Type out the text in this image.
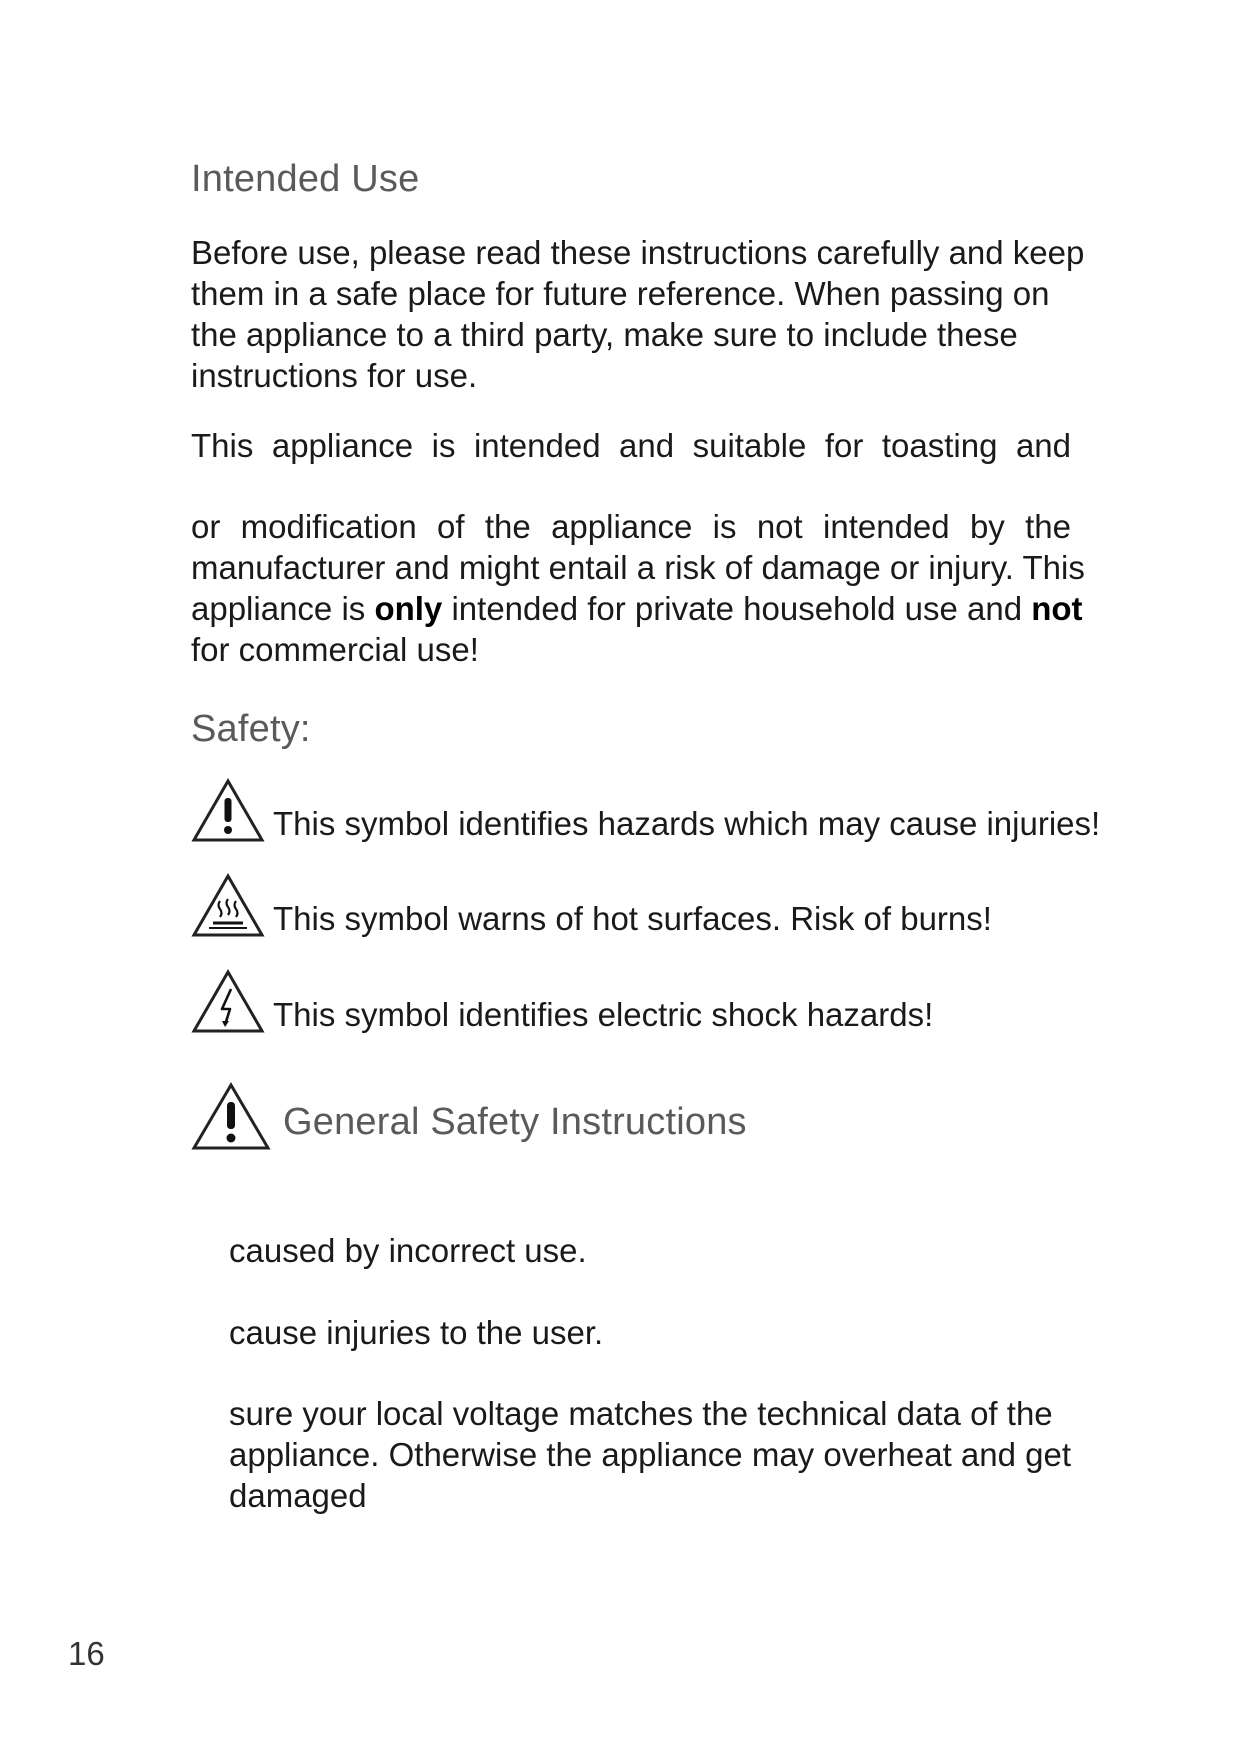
Intended Use

Before use, please read these instructions carefully and keep them in a safe place for future reference. When passing on the appliance to a third party, make sure to include these instructions for use.

This appliance is intended and suitable for toasting and

or modification of the appliance is not intended by the

manufacturer and might entail a risk of damage or injury. This appliance is only intended for private household use and not for commercial use!

Safety:
This symbol identifies hazards which may cause injuries!
This symbol warns of hot surfaces. Risk of burns!
This symbol identifies electric shock hazards!
General Safety Instructions

caused by incorrect use.

cause injuries to the user.

sure your local voltage matches the technical data of the appliance. Otherwise the appliance may overheat and get damaged

16
